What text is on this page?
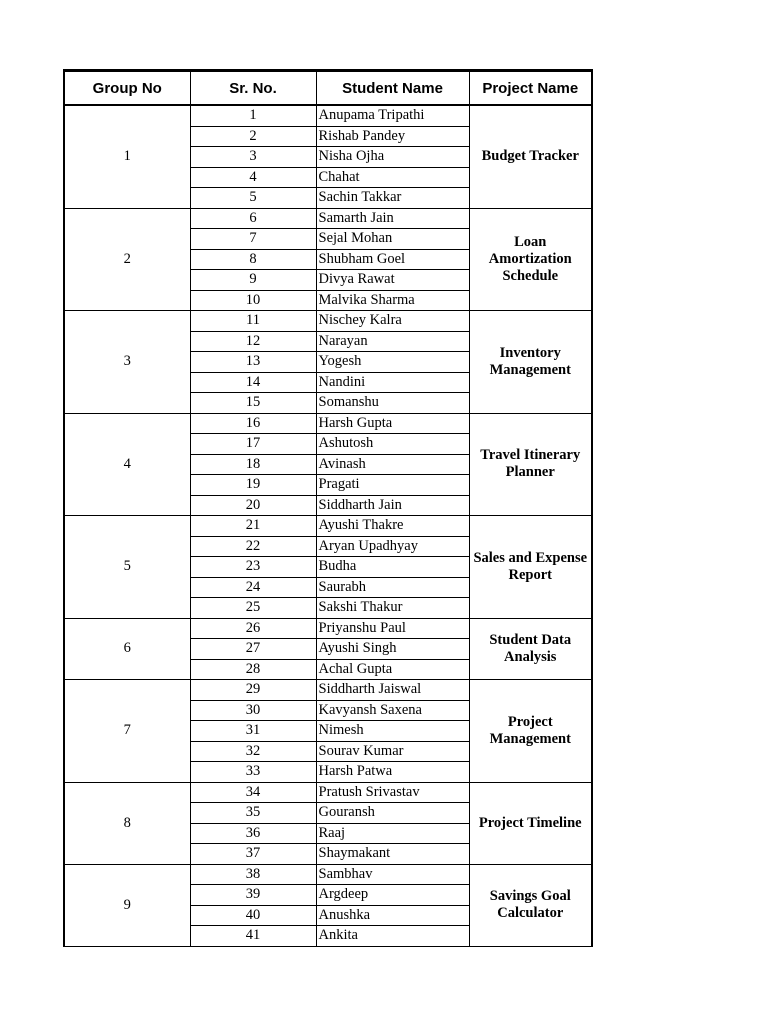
Group No	Sr. No.	Student Name	Project Name
1	1	Anupama Tripathi	Budget Tracker
	2	Rishab Pandey	
	3	Nisha Ojha	
	4	Chahat	
	5	Sachin Takkar	
2	6	Samarth Jain	Loan Amortization Schedule
	7	Sejal Mohan	
	8	Shubham Goel	
	9	Divya Rawat	
	10	Malvika Sharma	
3	11	Nischey Kalra	Inventory Management
	12	Narayan	
	13	Yogesh	
	14	Nandini	
	15	Somanshu	
4	16	Harsh Gupta	Travel Itinerary Planner
	17	Ashutosh	
	18	Avinash	
	19	Pragati	
	20	Siddharth Jain	
5	21	Ayushi Thakre	Sales and Expense Report
	22	Aryan Upadhyay	
	23	Budha	
	24	Saurabh	
	25	Sakshi Thakur	
6	26	Priyanshu Paul	Student Data Analysis
	27	Ayushi Singh	
	28	Achal Gupta	
7	29	Siddharth Jaiswal	Project Management
	30	Kavyansh Saxena	
	31	Nimesh	
	32	Sourav Kumar	
	33	Harsh Patwa	
8	34	Pratush Srivastav	Project Timeline
	35	Gouransh	
	36	Raaj	
	37	Shaymakant	
9	38	Sambhav	Savings Goal Calculator
	39	Argdeep	
	40	Anushka	
	41	Ankita	
